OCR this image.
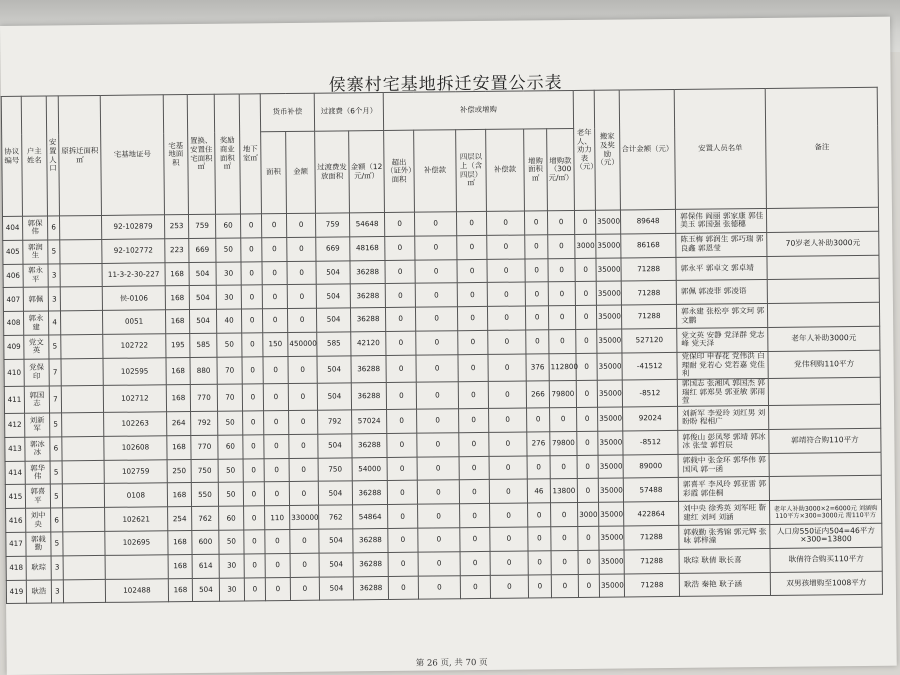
侯寨村宅基地拆迁安置公示表
协议编号	户主姓名	安置人口	原拆迁面积㎡	宅基地证号	宅基地面积	置换、安置住宅面积㎡	奖励商业面积㎡	地下室㎡	货币补偿		过渡费（6个月）		补偿或增购						老年人、劝力表（元）	搬家及奖励（元）	合计金额（元）	安置人员名单	备注
									面积	金额	过渡费发放面积	金额（12元/㎡）	超出（证外）面积	补偿款	四层以上（含四层）㎡	补偿款	增购面积㎡	增购款（300元/㎡）					
404	郭保伟	6		92-102879	253	759	60	0	0	0	759	54648	0	0	0	0	0	0	0	35000	89648	郭保伟 阎丽 郭家康 郭佳美玉 郭国强 张德穗	
405	郭润生	5		92-102772	223	669	50	0	0	0	669	48168	0	0	0	0	0	0	3000	35000	86168	陈玉梅 郭润生 郭巧瑞 郭良鑫 郭恩莹	70岁老人补助3000元
406	郭永平	3		11-3-2-30-227	168	504	30	0	0	0	504	36288	0	0	0	0	0	0	0	35000	71288	郭永平 郭卓文 郭卓靖	
407	郭佩	3		侯-0106	168	504	30	0	0	0	504	36288	0	0	0	0	0	0	0	35000	71288	郭佩 郭凌菲 郭凌语	
408	郭永建	4		0051	168	504	40	0	0	0	504	36288	0	0	0	0	0	0	0	35000	71288	郭永建 张松亭 郭文珂 郭文鹏	
409	党文英	5		102722	195	585	50	0	150	450000	585	42120	0	0	0	0	0	0	0	35000	527120	党文英 安静 党泽群 党志峰 党天泽	老年人补助3000元
410	党保印	7		102595	168	880	70	0	0	0	504	36288	0	0	0	0	376	112800	0	35000	-41512	党保印 申春花 党伟洪 白理耐 党若心 党若嘉 党佳利	党伟利购110平方
411	郭国志	7		102712	168	770	70	0	0	0	504	36288	0	0	0	0	266	79800	0	35000	-8512	郭国志 张湘风 郭国杰 郭瑞红 郭郑昊 郭亚敏 郭雨萱	
412	刘新军	5		102263	264	792	50	0	0	0	792	57024	0	0	0	0	0	0	0	35000	92024	刘新军 李爱玲 刘红男 刘盼盼 程相广	
413	郭冰冰	6		102608	168	770	60	0	0	0	504	36288	0	0	0	0	276	79800	0	35000	-8512	郭俊山 彭凤琴 郭靖 郭冰冰 张莹 郭哲辰	郭靖符合购110平方
414	郭华伟	5		102759	250	750	50	0	0	0	750	54000	0	0	0	0	0	0	0	35000	89000	郭载中 张金环 郭华伟 郭国风 郭一函	
415	郭喜平	5		0108	168	550	50	0	0	0	504	36288	0	0	0	0	46	13800	0	35000	57488	郭喜平 李风玲 郭亚雷 郭彩霞 郭佳桐	
416	刘中央	6		102621	254	762	60	0	110	330000	762	54864	0	0	0	0	0	0	3000	35000	422864	刘中央 徐秀英 刘军旺 靳建红 刘珂 刘涵	老年人补助3000×2=6000元 刘涵购110平方×300=3000元 需110平方
417	郭载勤	5		102695	168	600	50	0	0	0	504	36288	0	0	0	0	0	0	0	35000	71288	郭载勤 张秀锦 郭元辉 张咏 郭梓潼	人口房550证内504=46平方×300=13800
418	耿琮	3			168	614	30	0	0	0	504	36288	0	0	0	0	0	0	0	35000	71288	耿琮 耿倩 耿长喜	耿倩符合购买110平方
419	耿浩	3		102488	168	504	30	0	0	0	504	36288	0	0	0	0	0	0	0	35000	71288	耿浩 秦艳 耿子涵	双男孩增购至1008平方
第 26 页, 共 70 页
